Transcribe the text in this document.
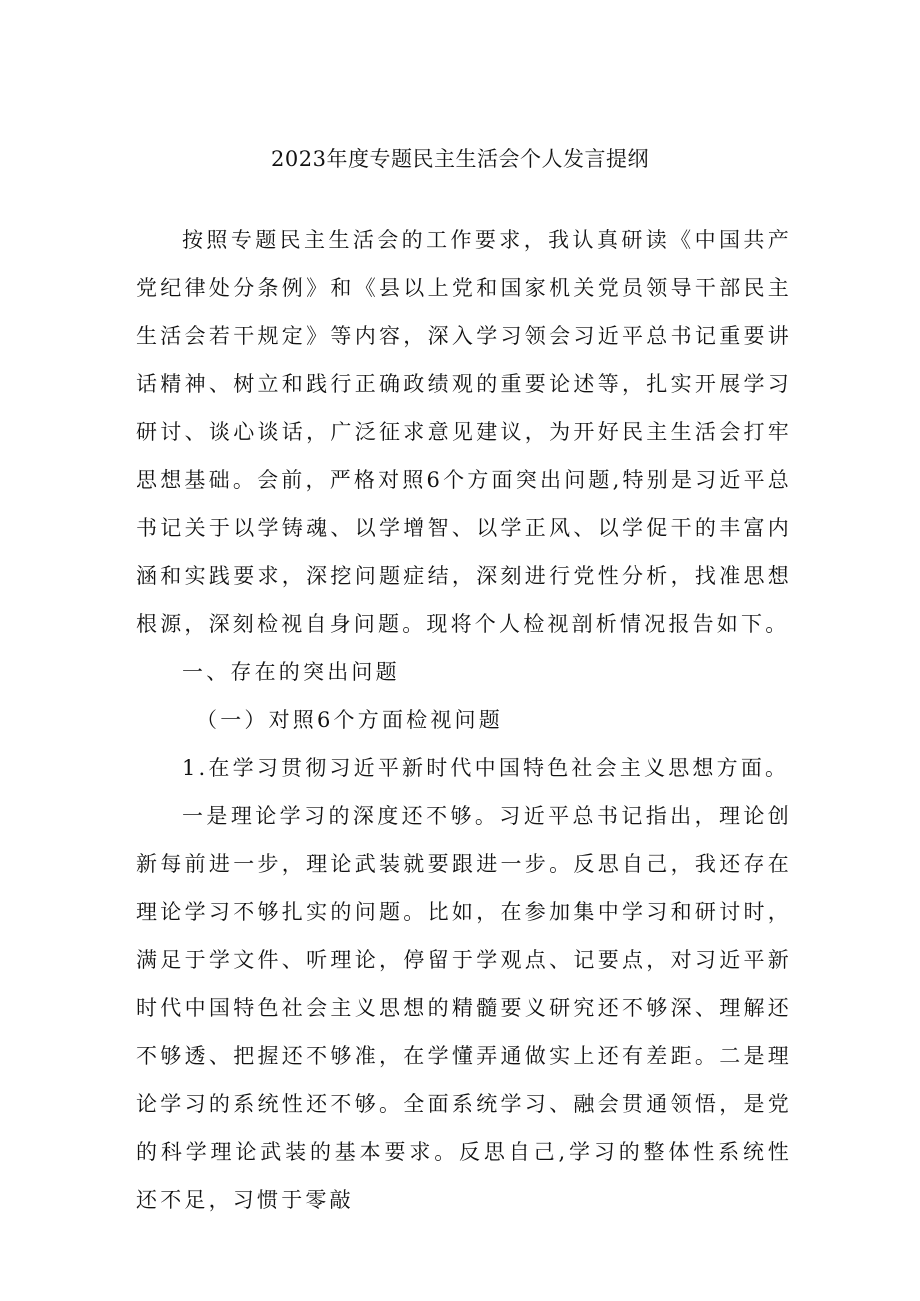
2023年度专题民主生活会个人发言提纲

按照专题民主生活会的工作要求，我认真研读《中国共产党纪律处分条例》和《县以上党和国家机关党员领导干部民主生活会若干规定》等内容，深入学习领会习近平总书记重要讲话精神、树立和践行正确政绩观的重要论述等，扎实开展学习研讨、谈心谈话，广泛征求意见建议，为开好民主生活会打牢思想基础。会前，严格对照6个方面突出问题,特别是习近平总书记关于以学铸魂、以学增智、以学正风、以学促干的丰富内涵和实践要求，深挖问题症结，深刻进行党性分析，找准思想根源，深刻检视自身问题。现将个人检视剖析情况报告如下。

一、存在的突出问题

（一）对照6个方面检视问题

1.在学习贯彻习近平新时代中国特色社会主义思想方面。

一是理论学习的深度还不够。习近平总书记指出，理论创新每前进一步，理论武装就要跟进一步。反思自己，我还存在理论学习不够扎实的问题。比如，在参加集中学习和研讨时，满足于学文件、听理论，停留于学观点、记要点，对习近平新时代中国特色社会主义思想的精髓要义研究还不够深、理解还不够透、把握还不够准，在学懂弄通做实上还有差距。二是理论学习的系统性还不够。全面系统学习、融会贯通领悟，是党的科学理论武装的基本要求。反思自己,学习的整体性系统性还不足，习惯于零敲
